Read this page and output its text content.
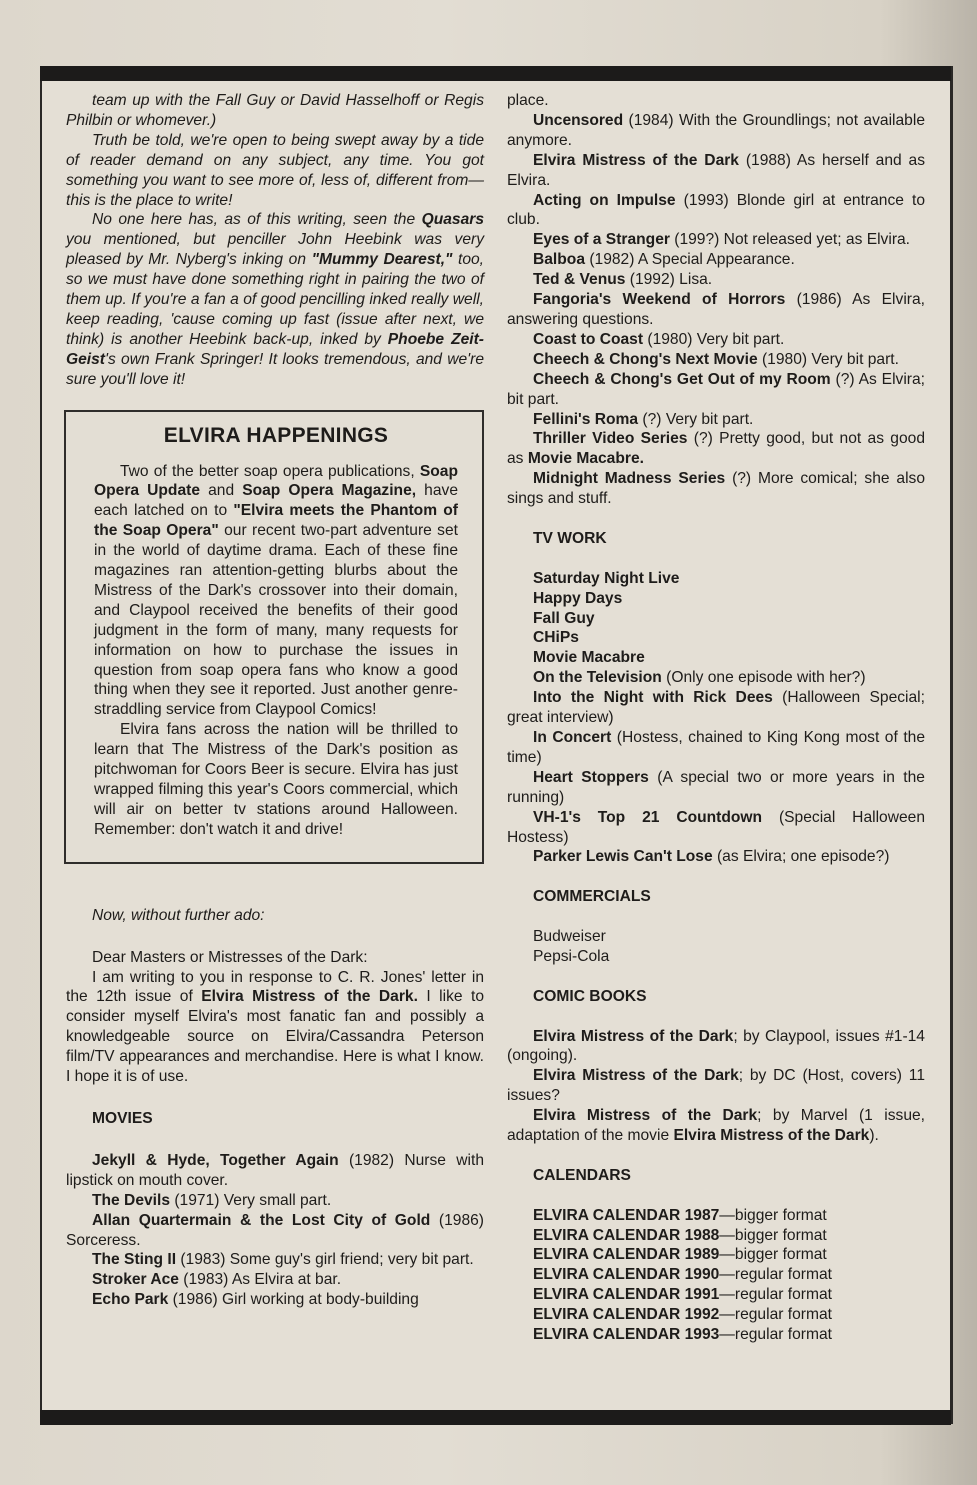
team up with the Fall Guy or David Hasselhoff or Regis Philbin or whomever.)

Truth be told, we're open to being swept away by a tide of reader demand on any subject, any time. You got something you want to see more of, less of, different from—this is the place to write!

No one here has, as of this writing, seen the Quasars you mentioned, but penciller John Heebink was very pleased by Mr. Nyberg's inking on "Mummy Dearest," too, so we must have done something right in pairing the two of them up. If you're a fan a of good pencilling inked really well, keep reading, 'cause coming up fast (issue after next, we think) is another Heebink back-up, inked by Phoebe Zeit-Geist's own Frank Springer! It looks tremendous, and we're sure you'll love it!

ELVIRA HAPPENINGS

Two of the better soap opera publications, Soap Opera Update and Soap Opera Magazine, have each latched on to "Elvira meets the Phantom of the Soap Opera" our recent two-part adventure set in the world of daytime drama. Each of these fine magazines ran attention-getting blurbs about the Mistress of the Dark's crossover into their domain, and Claypool received the benefits of their good judgment in the form of many, many requests for information on how to purchase the issues in question from soap opera fans who know a good thing when they see it reported. Just another genre-straddling service from Claypool Comics!

Elvira fans across the nation will be thrilled to learn that The Mistress of the Dark's position as pitchwoman for Coors Beer is secure. Elvira has just wrapped filming this year's Coors commercial, which will air on better tv stations around Halloween. Remember: don't watch it and drive!

Now, without further ado:

Dear Masters or Mistresses of the Dark:

I am writing to you in response to C. R. Jones' letter in the 12th issue of Elvira Mistress of the Dark. I like to consider myself Elvira's most fanatic fan and possibly a knowledgeable source on Elvira/Cassandra Peterson film/TV appearances and merchandise. Here is what I know. I hope it is of use.

MOVIES

Jekyll & Hyde, Together Again (1982) Nurse with lipstick on mouth cover.

The Devils (1971) Very small part.

Allan Quartermain & the Lost City of Gold (1986) Sorceress.

The Sting II (1983) Some guy's girl friend; very bit part.

Stroker Ace (1983) As Elvira at bar.

Echo Park (1986) Girl working at body-building

place.

Uncensored (1984) With the Groundlings; not available anymore.

Elvira Mistress of the Dark (1988) As herself and as Elvira.

Acting on Impulse (1993) Blonde girl at entrance to club.

Eyes of a Stranger (199?) Not released yet; as Elvira.

Balboa (1982) A Special Appearance.

Ted & Venus (1992) Lisa.

Fangoria's Weekend of Horrors (1986) As Elvira, answering questions.

Coast to Coast (1980) Very bit part.

Cheech & Chong's Next Movie (1980) Very bit part.

Cheech & Chong's Get Out of my Room (?) As Elvira; bit part.

Fellini's Roma (?) Very bit part.

Thriller Video Series (?) Pretty good, but not as good as Movie Macabre.

Midnight Madness Series (?) More comical; she also sings and stuff.

TV WORK

Saturday Night Live

Happy Days

Fall Guy

CHiPs

Movie Macabre

On the Television (Only one episode with her?)

Into the Night with Rick Dees (Halloween Special; great interview)

In Concert (Hostess, chained to King Kong most of the time)

Heart Stoppers (A special two or more years in the running)

VH-1's Top 21 Countdown (Special Halloween Hostess)

Parker Lewis Can't Lose (as Elvira; one episode?)

COMMERCIALS

Budweiser

Pepsi-Cola

COMIC BOOKS

Elvira Mistress of the Dark; by Claypool, issues #1-14 (ongoing).

Elvira Mistress of the Dark; by DC (Host, covers) 11 issues?

Elvira Mistress of the Dark; by Marvel (1 issue, adaptation of the movie Elvira Mistress of the Dark).

CALENDARS

ELVIRA CALENDAR 1987—bigger format

ELVIRA CALENDAR 1988—bigger format

ELVIRA CALENDAR 1989—bigger format

ELVIRA CALENDAR 1990—regular format

ELVIRA CALENDAR 1991—regular format

ELVIRA CALENDAR 1992—regular format

ELVIRA CALENDAR 1993—regular format
